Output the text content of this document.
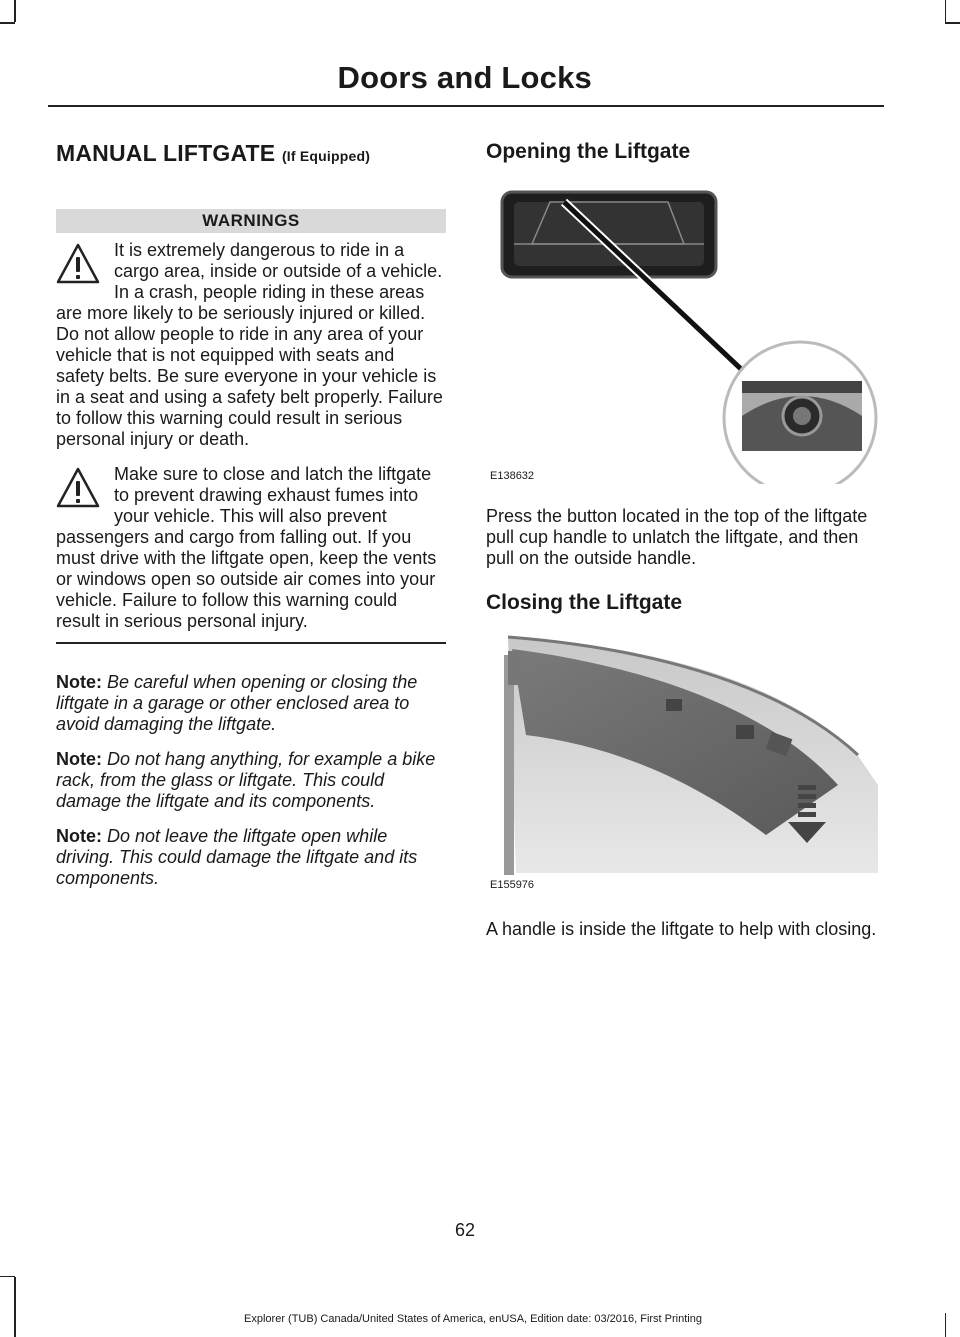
Doors and Locks
MANUAL LIFTGATE (If Equipped)
WARNINGS

It is extremely dangerous to ride in a cargo area, inside or outside of a vehicle. In a crash, people riding in these areas are more likely to be seriously injured or killed. Do not allow people to ride in any area of your vehicle that is not equipped with seats and safety belts. Be sure everyone in your vehicle is in a seat and using a safety belt properly. Failure to follow this warning could result in serious personal injury or death.

Make sure to close and latch the liftgate to prevent drawing exhaust fumes into your vehicle. This will also prevent passengers and cargo from falling out. If you must drive with the liftgate open, keep the vents or windows open so outside air comes into your vehicle. Failure to follow this warning could result in serious personal injury.

Note: Be careful when opening or closing the liftgate in a garage or other enclosed area to avoid damaging the liftgate.

Note: Do not hang anything, for example a bike rack, from the glass or liftgate. This could damage the liftgate and its components.

Note: Do not leave the liftgate open while driving. This could damage the liftgate and its components.

Opening the Liftgate
E138632

Press the button located in the top of the liftgate pull cup handle to unlatch the liftgate, and then pull on the outside handle.

Closing the Liftgate
E155976

A handle is inside the liftgate to help with closing.

62
Explorer (TUB) Canada/United States of America, enUSA, Edition date: 03/2016, First Printing
